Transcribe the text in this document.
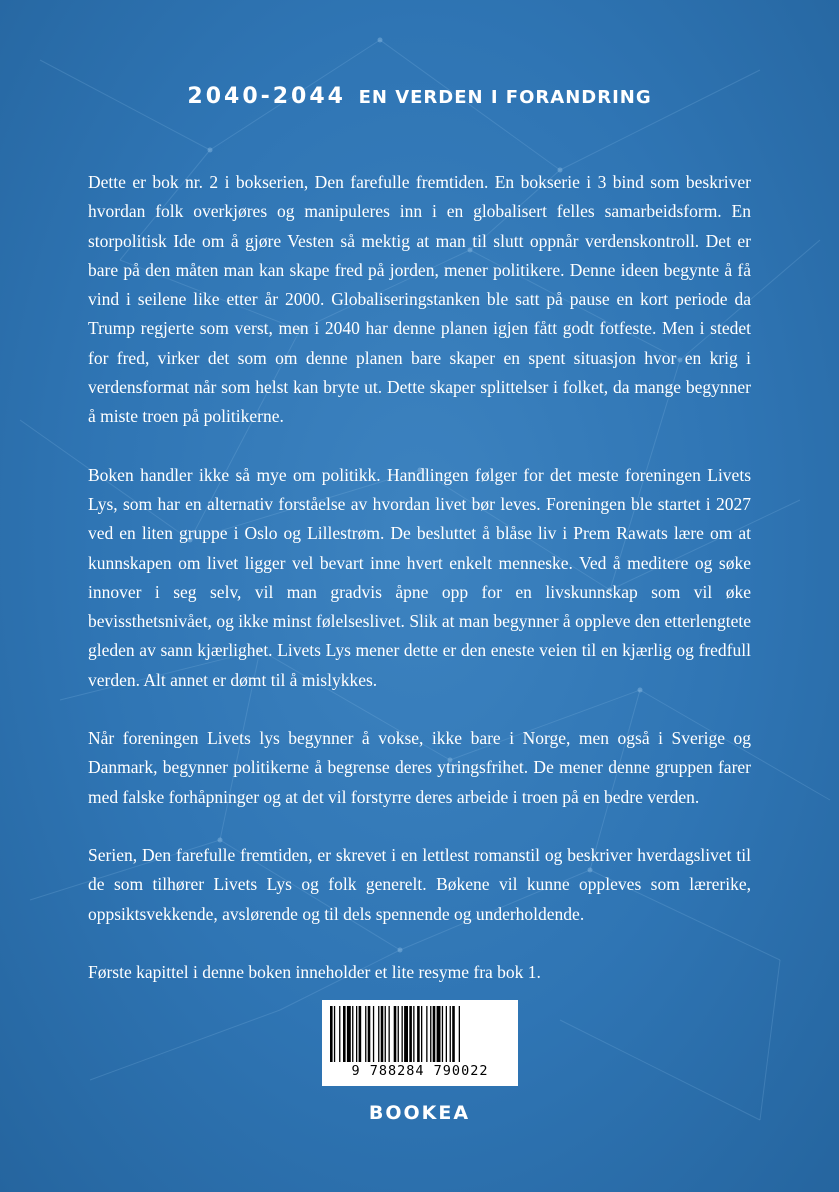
2040-2044 EN VERDEN I FORANDRING

Dette er bok nr. 2 i bokserien, Den farefulle fremtiden. En bokserie i 3 bind som beskriver hvordan folk overkjøres og manipuleres inn i en globalisert felles samarbeidsform. En storpolitisk Ide om å gjøre Vesten så mektig at man til slutt oppnår verdenskontroll. Det er bare på den måten man kan skape fred på jorden, mener politikere. Denne ideen begynte å få vind i seilene like etter år 2000. Globaliseringstanken ble satt på pause en kort periode da Trump regjerte som verst, men i 2040 har denne planen igjen fått godt fotfeste. Men i stedet for fred, virker det som om denne planen bare skaper en spent situasjon hvor en krig i verdensformat når som helst kan bryte ut. Dette skaper splittelser i folket, da mange begynner å miste troen på politikerne.

Boken handler ikke så mye om politikk. Handlingen følger for det meste foreningen Livets Lys, som har en alternativ forståelse av hvordan livet bør leves. Foreningen ble startet i 2027 ved en liten gruppe i Oslo og Lillestrøm. De besluttet å blåse liv i Prem Rawats lære om at kunnskapen om livet ligger vel bevart inne hvert enkelt menneske. Ved å meditere og søke innover i seg selv, vil man gradvis åpne opp for en livskunnskap som vil øke bevissthetsnivået, og ikke minst følelseslivet. Slik at man begynner å oppleve den etterlengtete gleden av sann kjærlighet. Livets Lys mener dette er den eneste veien til en kjærlig og fredfull verden. Alt annet er dømt til å mislykkes.

Når foreningen Livets lys begynner å vokse, ikke bare i Norge, men også i Sverige og Danmark, begynner politikerne å begrense deres ytringsfrihet. De mener denne gruppen farer med falske forhåpninger og at det vil forstyrre deres arbeide i troen på en bedre verden.

Serien, Den farefulle fremtiden, er skrevet i en lettlest romanstil og beskriver hverdagslivet til de som tilhører Livets Lys og folk generelt. Bøkene vil kunne oppleves som lærerike, oppsiktsvekkende, avslørende og til dels spennende og underholdende.

Første kapittel i denne boken inneholder et lite resyme fra bok 1.

9 788284 790022
BOOKEA
